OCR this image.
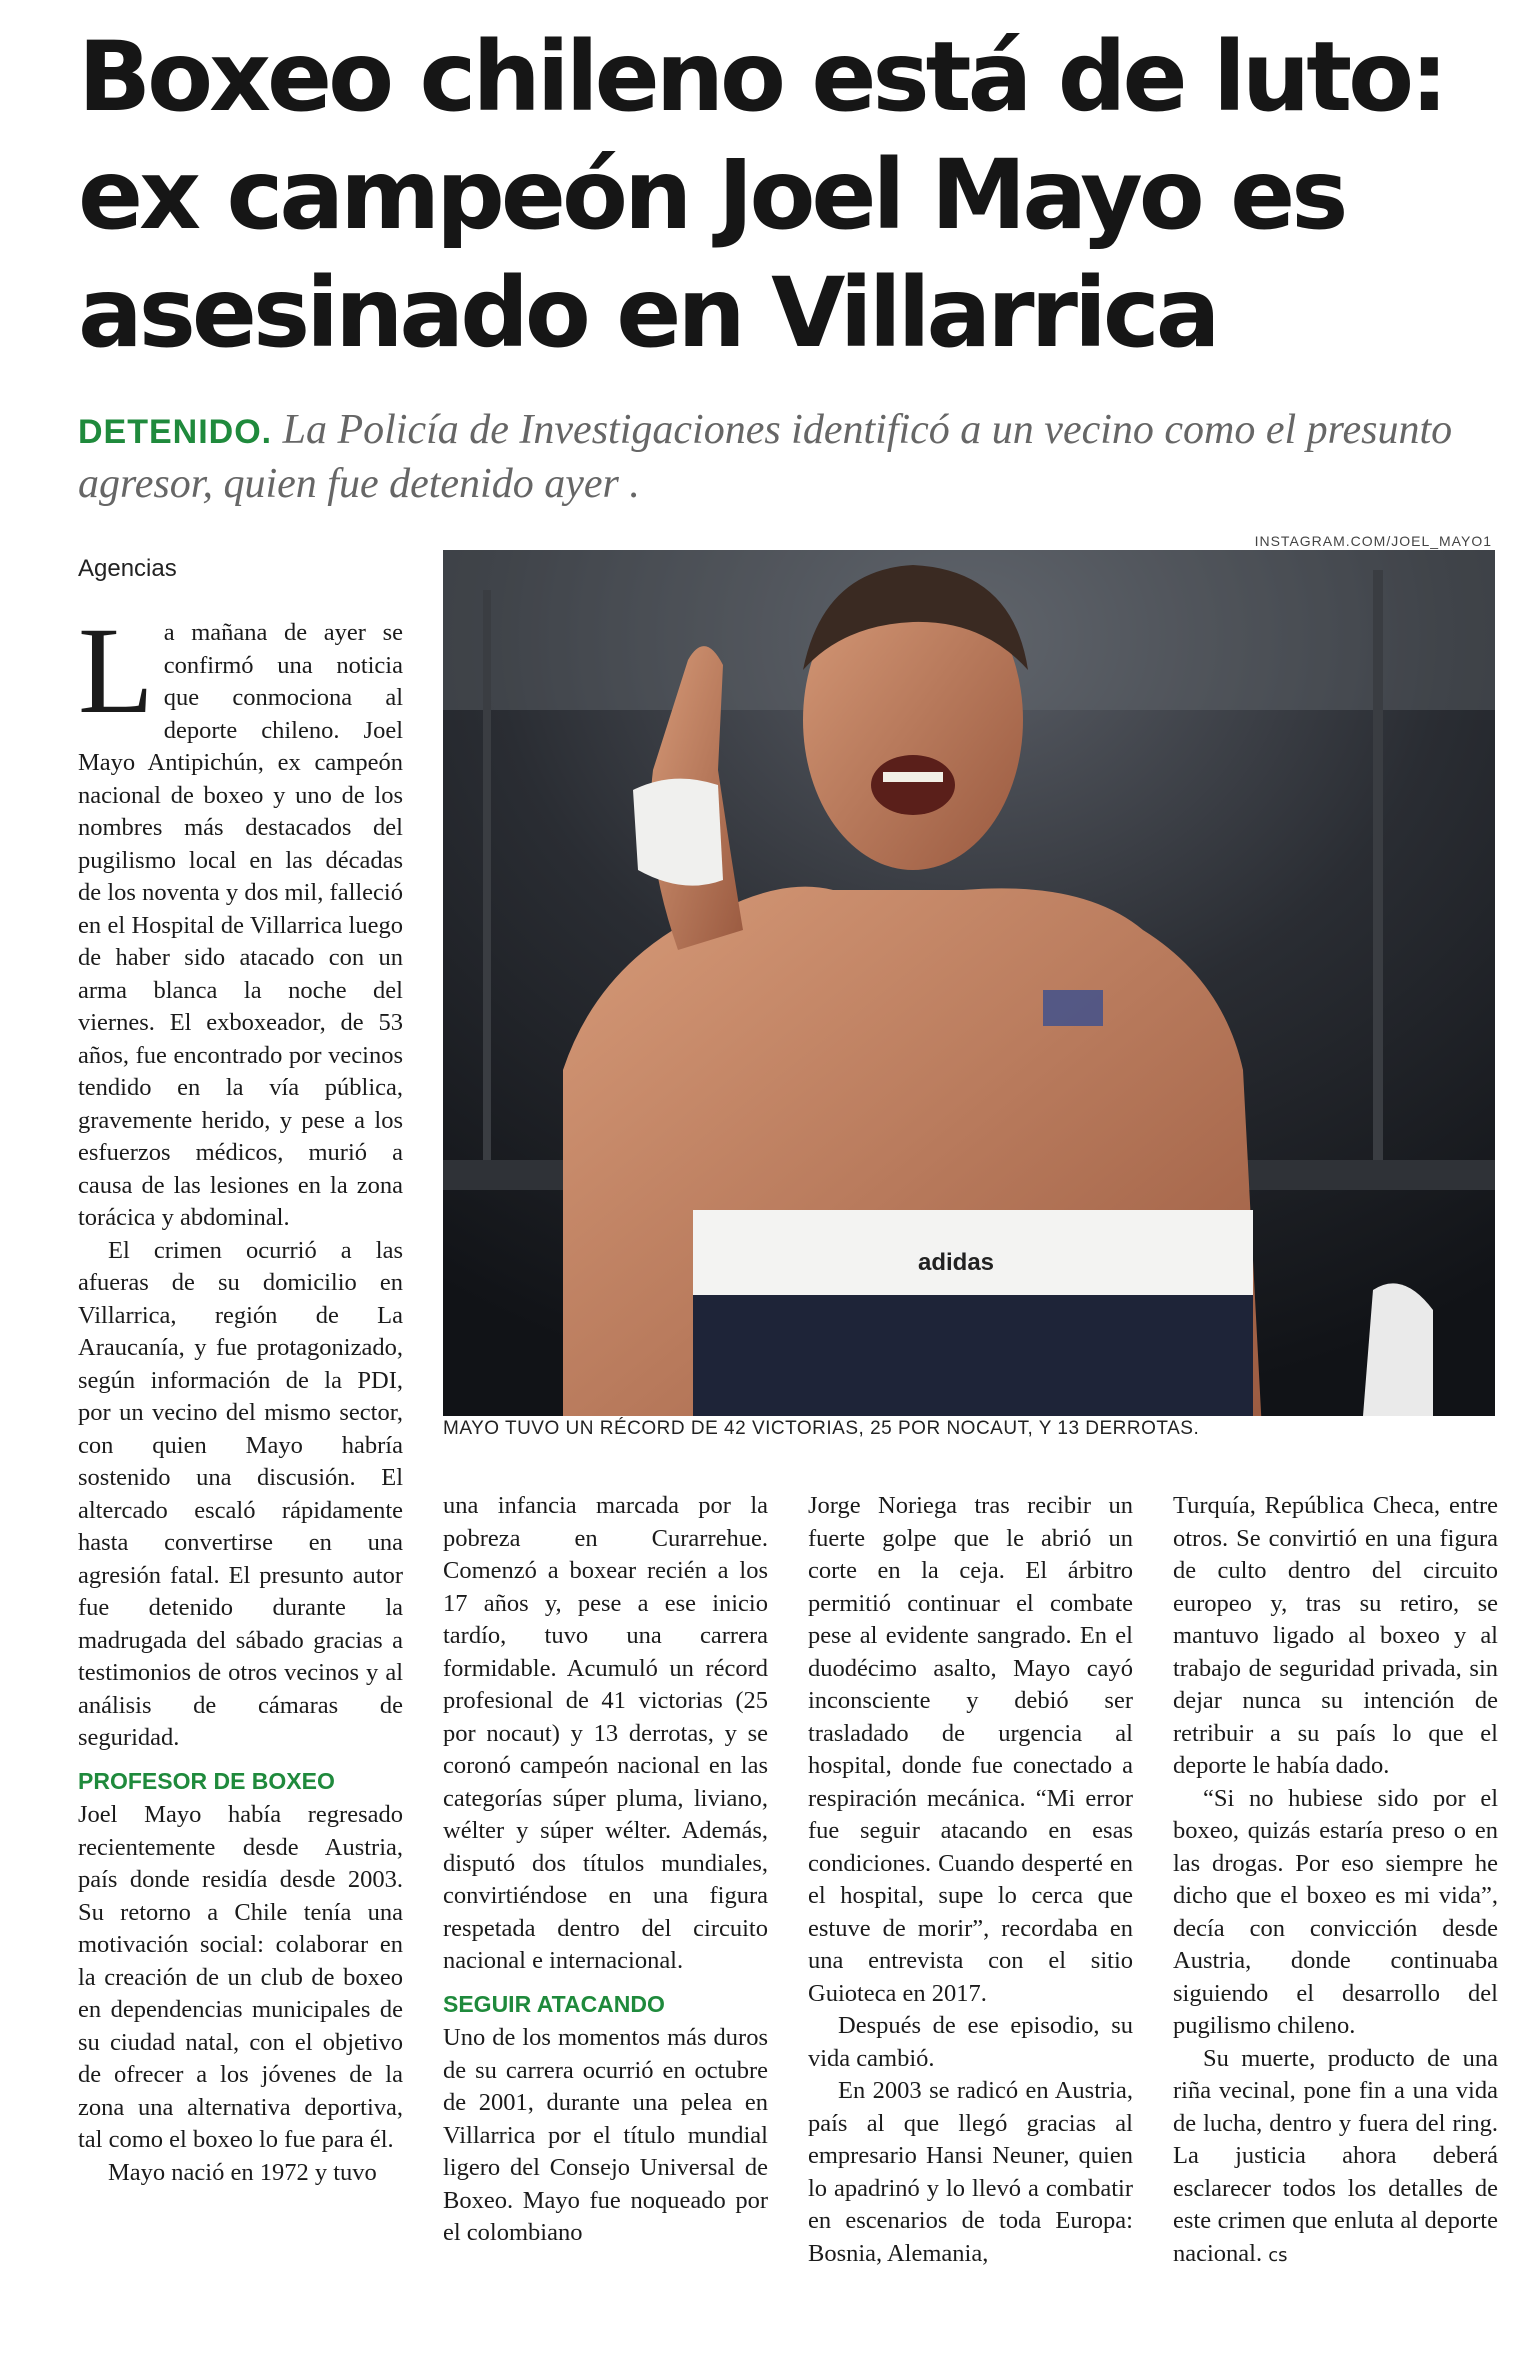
Boxeo chileno está de luto:
ex campeón Joel Mayo es
asesinado en Villarrica
DETENIDO. La Policía de Investigaciones identificó a un vecino como el presunto agresor, quien fue detenido ayer .
Agencias
INSTAGRAM.COM/JOEL_MAYO1
adidas
MAYO TUVO UN RÉCORD DE 42 VICTORIAS, 25 POR NOCAUT, Y 13 DERROTAS.

La mañana de ayer se confirmó una noticia que conmociona al deporte chileno. Joel Mayo Antipichún, ex campeón nacional de boxeo y uno de los nombres más destacados del pugilismo local en las décadas de los noventa y dos mil, falleció en el Hospital de Villarrica luego de haber sido atacado con un arma blanca la noche del viernes. El exboxeador, de 53 años, fue encontrado por vecinos tendido en la vía pública, gravemente herido, y pese a los esfuerzos médicos, murió a causa de las lesiones en la zona torácica y abdominal.

El crimen ocurrió a las afueras de su domicilio en Villarrica, región de La Araucanía, y fue protagonizado, según información de la PDI, por un vecino del mismo sector, con quien Mayo habría sostenido una discusión. El altercado escaló rápidamente hasta convertirse en una agresión fatal. El presunto autor fue detenido durante la madrugada del sábado gracias a testimonios de otros vecinos y al análisis de cámaras de seguridad.

PROFESOR DE BOXEO

Joel Mayo había regresado recientemente desde Austria, país donde residía desde 2003. Su retorno a Chile tenía una motivación social: colaborar en la creación de un club de boxeo en dependencias municipales de su ciudad natal, con el objetivo de ofrecer a los jóvenes de la zona una alternativa deportiva, tal como el boxeo lo fue para él.

Mayo nació en 1972 y tuvo

una infancia marcada por la pobreza en Curarrehue. Comenzó a boxear recién a los 17 años y, pese a ese inicio tardío, tuvo una carrera formidable. Acumuló un récord profesional de 41 victorias (25 por nocaut) y 13 derrotas, y se coronó campeón nacional en las categorías súper pluma, liviano, wélter y súper wélter. Además, disputó dos títulos mundiales, convirtiéndose en una figura respetada dentro del circuito nacional e internacional.

SEGUIR ATACANDO

Uno de los momentos más duros de su carrera ocurrió en octubre de 2001, durante una pelea en Villarrica por el título mundial ligero del Consejo Universal de Boxeo. Mayo fue noqueado por el colombiano

Jorge Noriega tras recibir un fuerte golpe que le abrió un corte en la ceja. El árbitro permitió continuar el combate pese al evidente sangrado. En el duodécimo asalto, Mayo cayó inconsciente y debió ser trasladado de urgencia al hospital, donde fue conectado a respiración mecánica. “Mi error fue seguir atacando en esas condiciones. Cuando desperté en el hospital, supe lo cerca que estuve de morir”, recordaba en una entrevista con el sitio Guioteca en 2017.

Después de ese episodio, su vida cambió.

En 2003 se radicó en Austria, país al que llegó gracias al empresario Hansi Neuner, quien lo apadrinó y lo llevó a combatir en escenarios de toda Europa: Bosnia, Alemania,

Turquía, República Checa, entre otros. Se convirtió en una figura de culto dentro del circuito europeo y, tras su retiro, se mantuvo ligado al boxeo y al trabajo de seguridad privada, sin dejar nunca su intención de retribuir a su país lo que el deporte le había dado.

“Si no hubiese sido por el boxeo, quizás estaría preso o en las drogas. Por eso siempre he dicho que el boxeo es mi vida”, decía con convicción desde Austria, donde continuaba siguiendo el desarrollo del pugilismo chileno.

Su muerte, producto de una riña vecinal, pone fin a una vida de lucha, dentro y fuera del ring. La justicia ahora deberá esclarecer todos los detalles de este crimen que enluta al deporte nacional. cs
